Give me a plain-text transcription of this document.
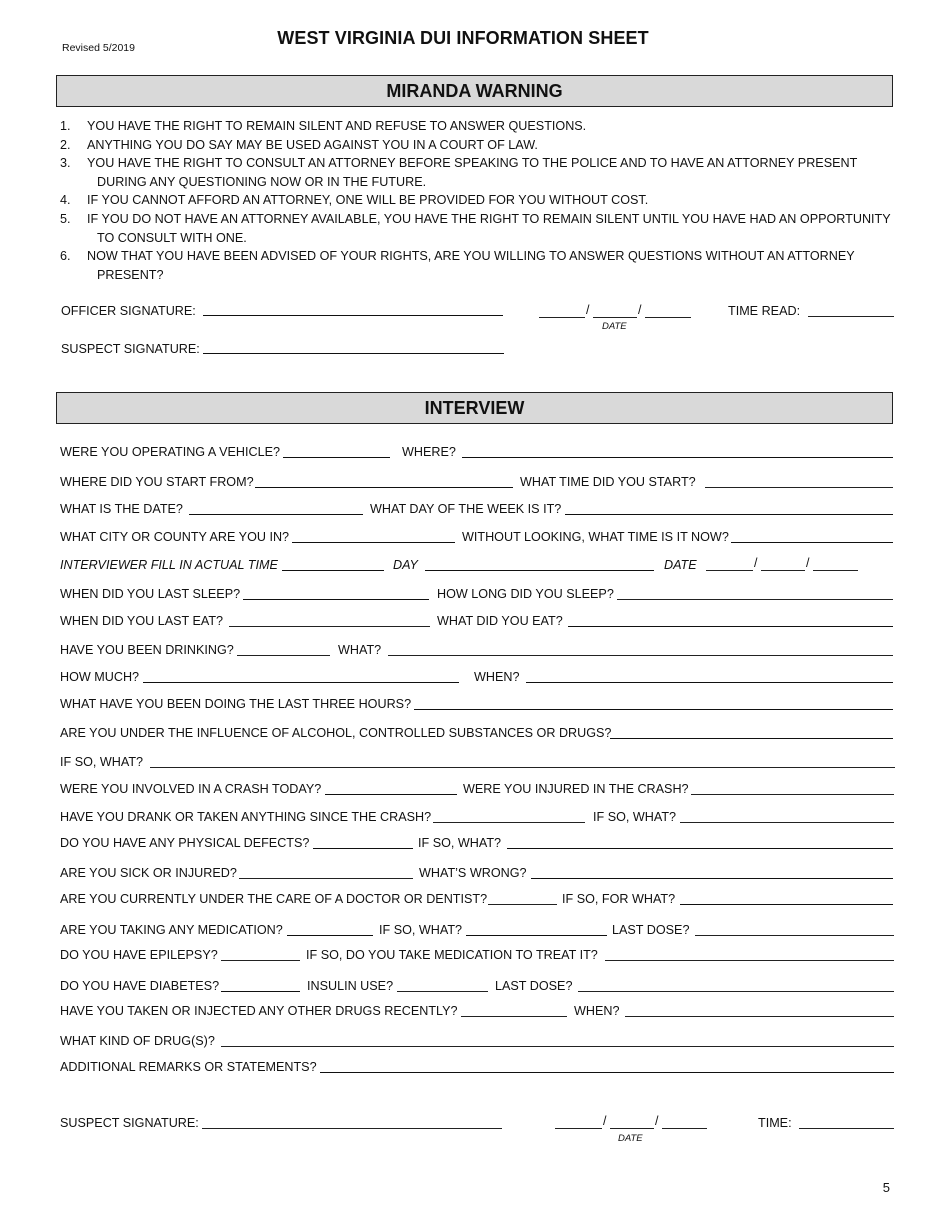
Revised 5/2019	WEST VIRGINIA DUI INFORMATION SHEET
MIRANDA WARNING
1. YOU HAVE THE RIGHT TO REMAIN SILENT AND REFUSE TO ANSWER QUESTIONS.
2. ANYTHING YOU DO SAY MAY BE USED AGAINST YOU IN A COURT OF LAW.
3. YOU HAVE THE RIGHT TO CONSULT AN ATTORNEY BEFORE SPEAKING TO THE POLICE AND TO HAVE AN ATTORNEY PRESENT
DURING ANY QUESTIONING NOW OR IN THE FUTURE.
4. IF YOU CANNOT AFFORD AN ATTORNEY, ONE WILL BE PROVIDED FOR YOU WITHOUT COST.
5. IF YOU DO NOT HAVE AN ATTORNEY AVAILABLE, YOU HAVE THE RIGHT TO REMAIN SILENT UNTIL YOU HAVE HAD AN OPPORTUNITY
TO CONSULT WITH ONE.
6. NOW THAT YOU HAVE BEEN ADVISED OF YOUR RIGHTS, ARE YOU WILLING TO ANSWER QUESTIONS WITHOUT AN ATTORNEY
PRESENT?
OFFICER SIGNATURE:	/	/
DATE
TIME READ:
SUSPECT SIGNATURE:
INTERVIEW
WERE YOU OPERATING A VEHICLE?	WHERE?
WHERE DID YOU START FROM?	WHAT TIME DID YOU START?
WHAT IS THE DATE?	WHAT DAY OF THE WEEK IS IT?
WHAT CITY OR COUNTY ARE YOU IN?	WITHOUT LOOKING, WHAT TIME IS IT NOW?
INTERVIEWER FILL IN ACTUAL TIME	DAY	DATE	/	/
WHEN DID YOU LAST SLEEP?	HOW LONG DID YOU SLEEP?
WHEN DID YOU LAST EAT?	WHAT DID YOU EAT?
HAVE YOU BEEN DRINKING?	WHAT?
HOW MUCH?	WHEN?
WHAT HAVE YOU BEEN DOING THE LAST THREE HOURS?
ARE YOU UNDER THE INFLUENCE OF ALCOHOL, CONTROLLED SUBSTANCES OR DRUGS?
IF SO, WHAT?
WERE YOU INVOLVED IN A CRASH TODAY?	WERE YOU INJURED IN THE CRASH?
HAVE YOU DRANK OR TAKEN ANYTHING SINCE THE CRASH?	IF SO, WHAT?
DO YOU HAVE ANY PHYSICAL DEFECTS?	IF SO, WHAT?
ARE YOU SICK OR INJURED?	WHAT’S WRONG?
ARE YOU CURRENTLY UNDER THE CARE OF A DOCTOR OR DENTIST?	IF SO, FOR WHAT?
ARE YOU TAKING ANY MEDICATION?	IF SO, WHAT?	LAST DOSE?
DO YOU HAVE EPILEPSY?	IF SO, DO YOU TAKE MEDICATION TO TREAT IT?
DO YOU HAVE DIABETES?	INSULIN USE?	LAST DOSE?
HAVE YOU TAKEN OR INJECTED ANY OTHER DRUGS RECENTLY?	WHEN?
WHAT KIND OF DRUG(S)?
ADDITIONAL REMARKS OR STATEMENTS?
SUSPECT SIGNATURE:	/	/
DATE
TIME:
5
